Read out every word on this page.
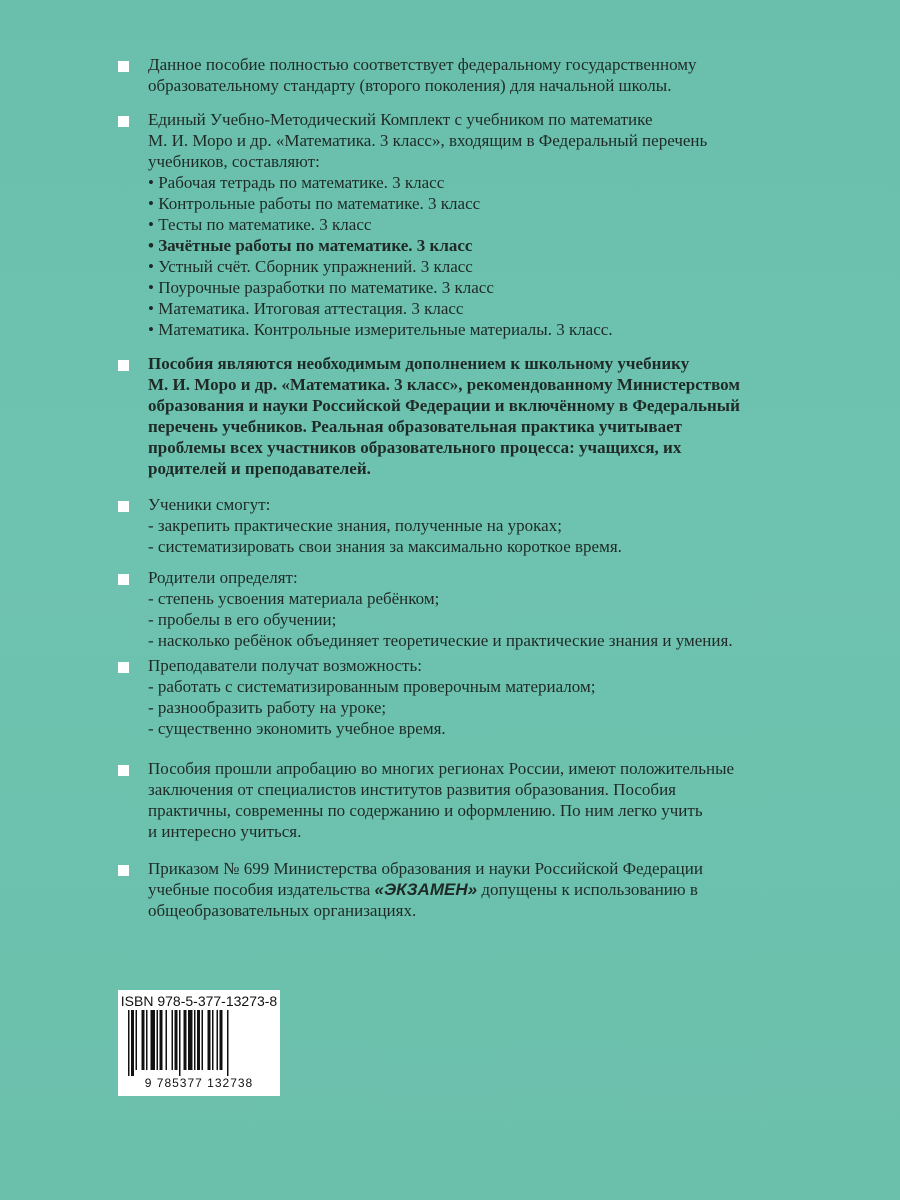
Данное пособие полностью соответствует федеральному государственному
образовательному стандарту (второго поколения) для начальной школы.
Единый Учебно-Методический Комплект с учебником по математике
М. И. Моро и др. «Математика. 3 класс», входящим в Федеральный перечень
учебников, составляют:
• Рабочая тетрадь по математике. 3 класс
• Контрольные работы по математике. 3 класс
• Тесты по математике. 3 класс
• Зачётные работы по математике. 3 класс
• Устный счёт. Сборник упражнений. 3 класс
• Поурочные разработки по математике. 3 класс
• Математика. Итоговая аттестация. 3 класс
• Математика. Контрольные измерительные материалы. 3 класс.
Пособия являются необходимым дополнением к школьному учебнику
М. И. Моро и др. «Математика. 3 класс», рекомендованному Министерством
образования и науки Российской Федерации и включённому в Федеральный
перечень учебников. Реальная образовательная практика учитывает
проблемы всех участников образовательного процесса: учащихся, их
родителей и преподавателей.
Ученики смогут:
- закрепить практические знания, полученные на уроках;
- систематизировать свои знания за максимально короткое время.
Родители определят:
- степень усвоения материала ребёнком;
- пробелы в его обучении;
- насколько ребёнок объединяет теоретические и практические знания и умения.
Преподаватели получат возможность:
- работать с систематизированным проверочным материалом;
- разнообразить работу на уроке;
- существенно экономить учебное время.
Пособия прошли апробацию во многих регионах России, имеют положительные
заключения от специалистов институтов развития образования. Пособия
практичны, современны по содержанию и оформлению. По ним легко учить
и интересно учиться.
Приказом № 699 Министерства образования и науки Российской Федерации
учебные пособия издательства «ЭКЗАМЕН» допущены к использованию в
общеобразовательных организациях.
ISBN 978-5-377-13273-8
9 785377 132738
